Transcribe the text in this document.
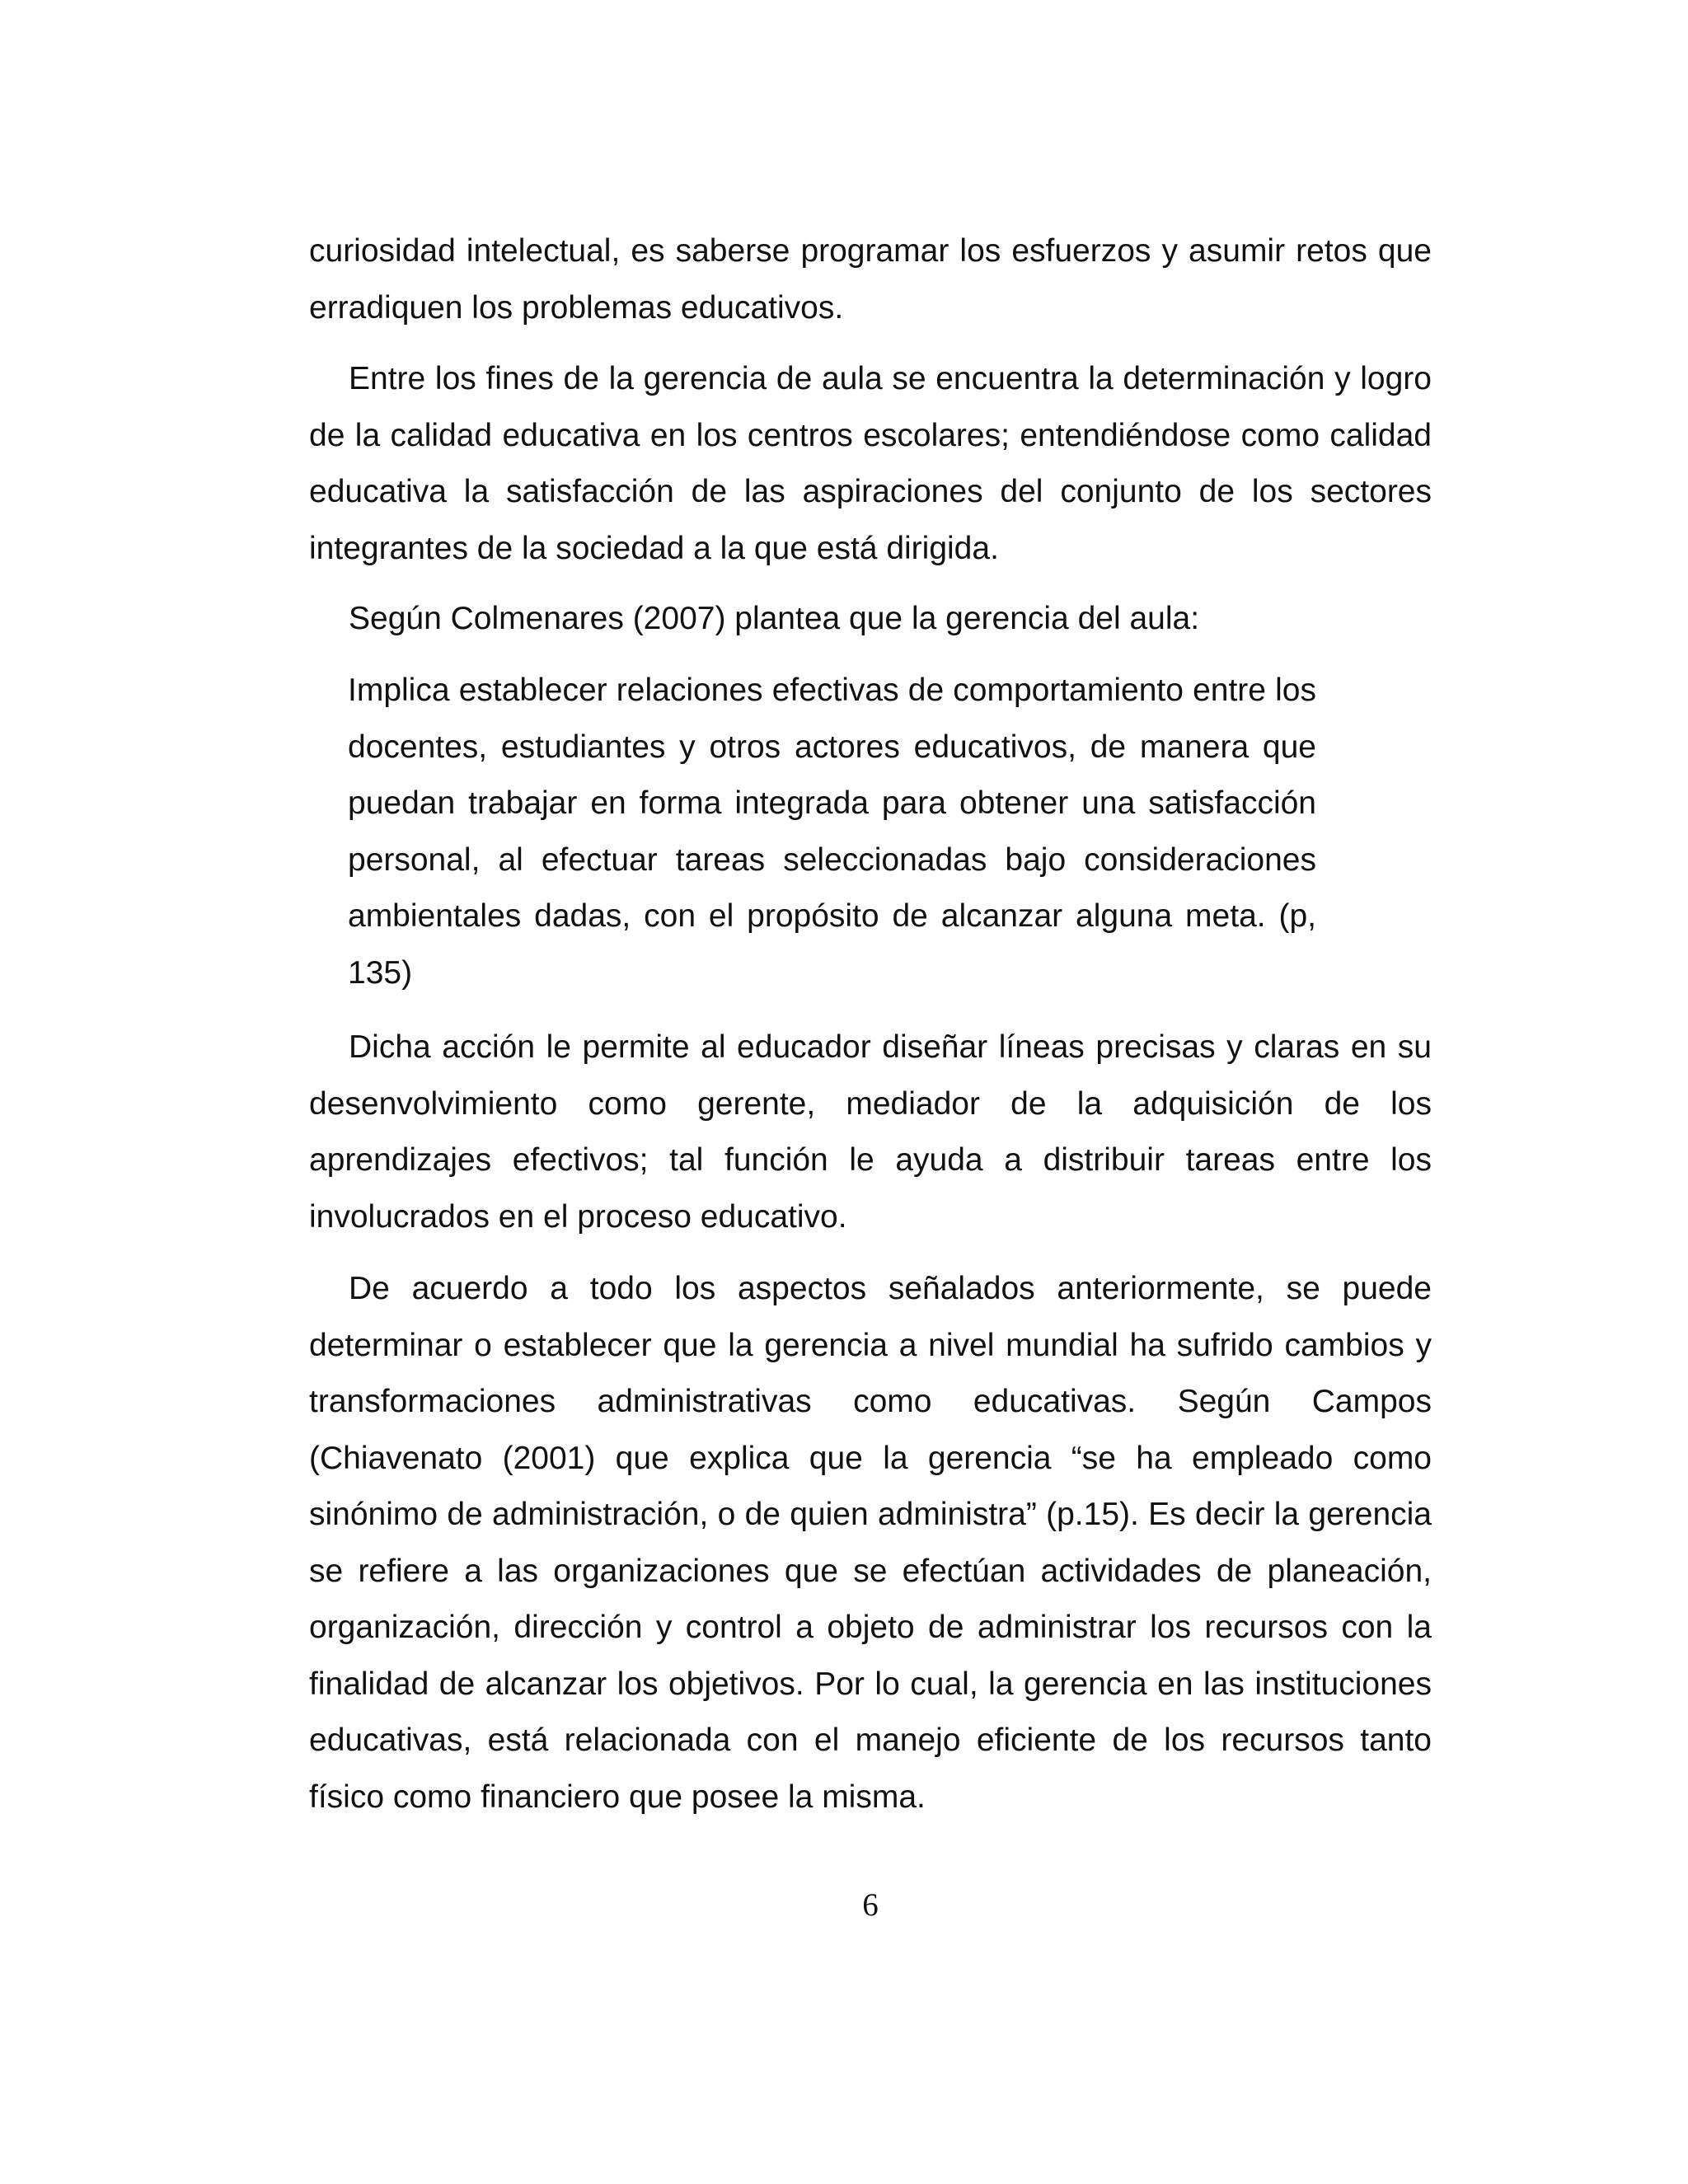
curiosidad intelectual, es saberse programar los esfuerzos y asumir retos que erradiquen los problemas educativos.

Entre los fines de la gerencia de aula se encuentra la determinación y logro de la calidad educativa en los centros escolares; entendiéndose como calidad educativa la satisfacción de las aspiraciones del conjunto de los sectores integrantes de la sociedad a la que está dirigida.

Según Colmenares (2007) plantea que la gerencia del aula:

Implica establecer relaciones efectivas de comportamiento entre los docentes, estudiantes y otros actores educativos, de manera que puedan trabajar en forma integrada para obtener una satisfacción personal, al efectuar tareas seleccionadas bajo consideraciones ambientales dadas, con el propósito de alcanzar alguna meta. (p, 135)

Dicha acción le permite al educador diseñar líneas precisas y claras en su desenvolvimiento como gerente, mediador de la adquisición de los aprendizajes efectivos; tal función le ayuda a distribuir tareas entre los involucrados en el proceso educativo.

De acuerdo a todo los aspectos señalados anteriormente, se puede determinar o establecer que la gerencia a nivel mundial ha sufrido cambios y transformaciones administrativas como educativas. Según Campos (Chiavenato (2001) que explica que la gerencia “se ha empleado como sinónimo de administración, o de quien administra” (p.15). Es decir la gerencia se refiere a las organizaciones que se efectúan actividades de planeación, organización, dirección y control a objeto de administrar los recursos con la finalidad de alcanzar los objetivos. Por lo cual, la gerencia en las instituciones educativas, está relacionada con el manejo eficiente de los recursos tanto físico como financiero que posee la misma.

6
